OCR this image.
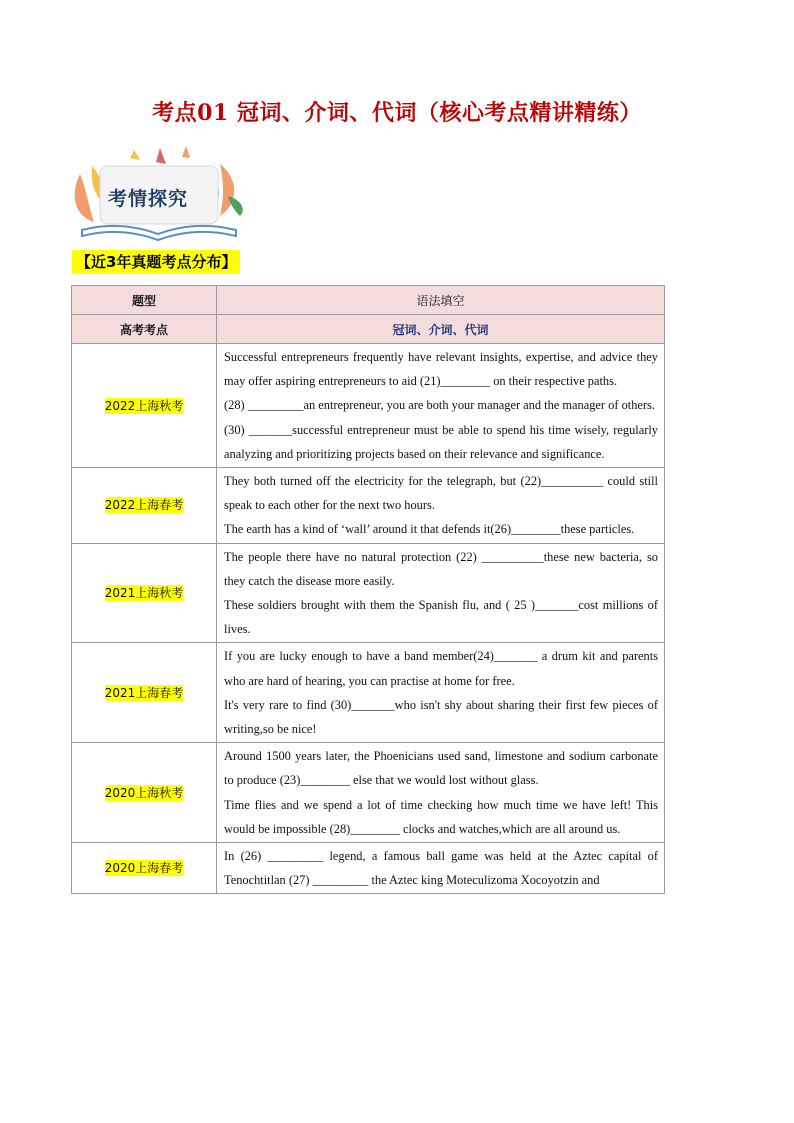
考点01 冠词、介词、代词（核心考点精讲精练）
考情探究
【近3年真题考点分布】
题型	语法填空
高考考点	冠词、介词、代词
2022上海秋考	Successful entrepreneurs frequently have relevant insights, expertise, and advice they may offer aspiring entrepreneurs to aid (21)________ on their respective paths.

(28) _________an entrepreneur, you are both your manager and the manager of others.

(30) _______successful entrepreneur must be able to spend his time wisely, regularly analyzing and prioritizing projects based on their relevance and significance.

2022上海春考	They both turned off the electricity for the telegraph, but (22)__________ could still speak to each other for the next two hours.

The earth has a kind of ‘wall’ around it that defends it(26)________these particles.

2021上海秋考	The people there have no natural protection (22) __________these new bacteria, so they catch the disease more easily.

These soldiers brought with them the Spanish flu, and ( 25 )_______cost millions of lives.

2021上海春考	If you are lucky enough to have a band member(24)_______ a drum kit and parents who are hard of hearing, you can practise at home for free.

It's very rare to find (30)_______who isn't shy about sharing their first few pieces of writing,so be nice!

2020上海秋考	Around 1500 years later, the Phoenicians used sand, limestone and sodium carbonate to produce (23)________ else that we would lost without glass.

Time flies and we spend a lot of time checking how much time we have left! This would be impossible (28)________ clocks and watches,which are all around us.

2020上海春考	In (26) _________ legend, a famous ball game was held at the Aztec capital of Tenochtitlan (27) _________ the Aztec king Moteculizoma Xocoyotzin and
